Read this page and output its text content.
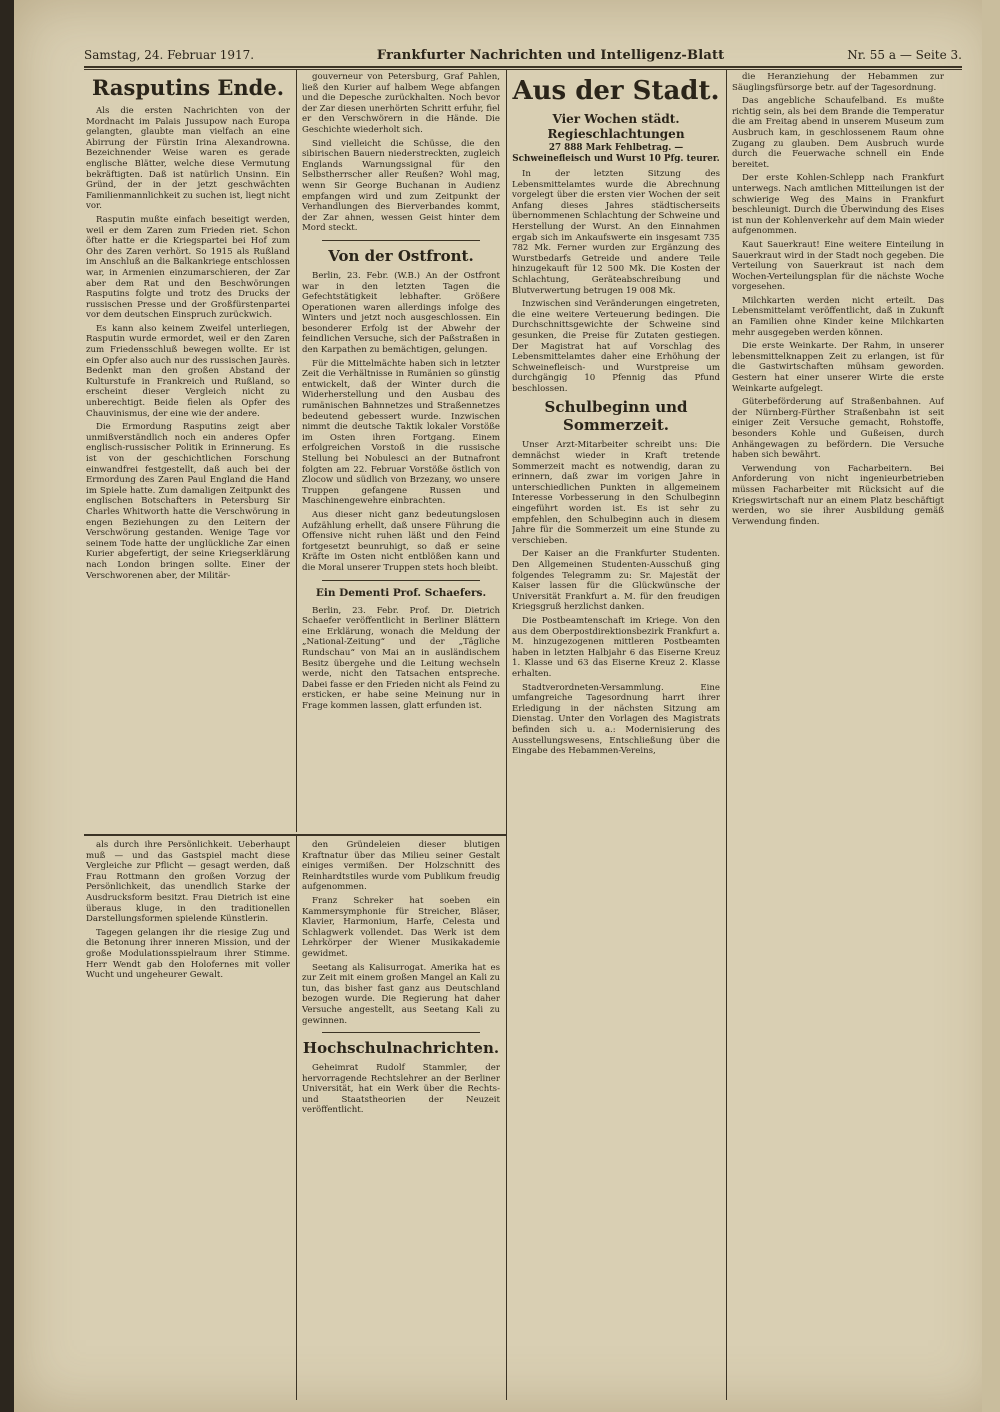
Samstag, 24. Februar 1917.	Frankfurter Nachrichten und Intelligenz-Blatt	Nr. 55 a — Seite 3.
Rasputins Ende.

Als die ersten Nachrichten von der Mordnacht im Palais Jussupow nach Europa gelangten, glaubte man vielfach an eine Abirrung der Fürstin Irina Alexandrowna. Bezeichnender Weise waren es gerade englische Blätter, welche diese Vermutung bekräftigten. Daß ist natürlich Unsinn. Ein Gründ, der in der jetzt geschwächten Familienmannlichkeit zu suchen ist, liegt nicht vor.

Rasputin mußte einfach beseitigt werden, weil er dem Zaren zum Frieden riet. Schon öfter hatte er die Kriegspartei bei Hof zum Ohr des Zaren verhört. So 1915 als Rußland im Anschluß an die Balkankriege entschlossen war, in Armenien einzumarschieren, der Zar aber dem Rat und den Beschwörungen Rasputins folgte und trotz des Drucks der russischen Presse und der Großfürstenpartei vor dem deutschen Einspruch zurückwich.

Es kann also keinem Zweifel unterliegen, Rasputin wurde ermordet, weil er den Zaren zum Friedensschluß bewegen wollte. Er ist ein Opfer also auch nur des russischen Jaurès. Bedenkt man den großen Abstand der Kulturstufe in Frankreich und Rußland, so erscheint dieser Vergleich nicht zu unberechtigt. Beide fielen als Opfer des Chauvinismus, der eine wie der andere.

Die Ermordung Rasputins zeigt aber unmißverständlich noch ein anderes Opfer englisch-russischer Politik in Erinnerung. Es ist von der geschichtlichen Forschung einwandfrei festgestellt, daß auch bei der Ermordung des Zaren Paul England die Hand im Spiele hatte. Zum damaligen Zeitpunkt des englischen Botschafters in Petersburg Sir Charles Whitworth hatte die Verschwörung in engen Beziehungen zu den Leitern der Verschwörung gestanden. Wenige Tage vor seinem Tode hatte der unglückliche Zar einen Kurier abgefertigt, der seine Kriegserklärung nach London bringen sollte. Einer der Verschworenen aber, der Militär-

gouverneur von Petersburg, Graf Pahlen, ließ den Kurier auf halbem Wege abfangen und die Depesche zurückhalten. Noch bevor der Zar diesen unerhörten Schritt erfuhr, fiel er den Verschwörern in die Hände. Die Geschichte wiederholt sich.

Sind vielleicht die Schüsse, die den sibirischen Bauern niederstreckten, zugleich Englands Warnungssignal für den Selbstherrscher aller Reußen? Wohl mag, wenn Sir George Buchanan in Audienz empfangen wird und zum Zeitpunkt der Verhandlungen des Bierverbandes kommt, der Zar ahnen, wessen Geist hinter dem Mord steckt.

Von der Ostfront.

Berlin, 23. Febr. (W.B.) An der Ostfront war in den letzten Tagen die Gefechtstätigkeit lebhafter. Größere Operationen waren allerdings infolge des Winters und jetzt noch ausgeschlossen. Ein besonderer Erfolg ist der Abwehr der feindlichen Versuche, sich der Paßstraßen in den Karpathen zu bemächtigen, gelungen.

Für die Mittelmächte haben sich in letzter Zeit die Verhältnisse in Rumänien so günstig entwickelt, daß der Winter durch die Widerherstellung und den Ausbau des rumänischen Bahnnetzes und Straßennetzes bedeutend gebessert wurde. Inzwischen nimmt die deutsche Taktik lokaler Vorstöße im Osten ihren Fortgang. Einem erfolgreichen Vorstoß in die russische Stellung bei Nobulesci an der Butnafront folgten am 22. Februar Vorstöße östlich von Zlocow und südlich von Brzezany, wo unsere Truppen gefangene Russen und Maschinengewehre einbrachten.

Aus dieser nicht ganz bedeutungslosen Aufzählung erhellt, daß unsere Führung die Offensive nicht ruhen läßt und den Feind fortgesetzt beunruhigt, so daß er seine Kräfte im Osten nicht entblößen kann und die Moral unserer Truppen stets hoch bleibt.

Ein Dementi Prof. Schaefers.

Berlin, 23. Febr. Prof. Dr. Dietrich Schaefer veröffentlicht in Berliner Blättern eine Erklärung, wonach die Meldung der „National-Zeitung“ und der „Tägliche Rundschau“ von Mai an in ausländischem Besitz übergehe und die Leitung wechseln werde, nicht den Tatsachen entspreche. Dabei fasse er den Frieden nicht als Feind zu ersticken, er habe seine Meinung nur in Frage kommen lassen, glatt erfunden ist.

Aus der Stadt.
Vier Wochen städt. Regieschlachtungen
27 888 Mark Fehlbetrag. — Schweinefleisch und Wurst 10 Pfg. teurer.

In der letzten Sitzung des Lebensmittelamtes wurde die Abrechnung vorgelegt über die ersten vier Wochen der seit Anfang dieses Jahres städtischerseits übernommenen Schlachtung der Schweine und Herstellung der Wurst. An den Einnahmen ergab sich im Ankaufswerte ein insgesamt 735 782 Mk. Ferner wurden zur Ergänzung des Wurstbedarfs Getreide und andere Teile hinzugekauft für 12 500 Mk. Die Kosten der Schlachtung, Geräteabschreibung und Blutverwertung betrugen 19 008 Mk.

Inzwischen sind Veränderungen eingetreten, die eine weitere Verteuerung bedingen. Die Durchschnittsgewichte der Schweine sind gesunken, die Preise für Zutaten gestiegen. Der Magistrat hat auf Vorschlag des Lebensmittelamtes daher eine Erhöhung der Schweinefleisch- und Wurstpreise um durchgängig 10 Pfennig das Pfund beschlossen.

Schulbeginn und Sommerzeit.

Unser Arzt-Mitarbeiter schreibt uns: Die demnächst wieder in Kraft tretende Sommerzeit macht es notwendig, daran zu erinnern, daß zwar im vorigen Jahre in unterschiedlichen Punkten in allgemeinem Interesse Vorbesserung in den Schulbeginn eingeführt worden ist. Es ist sehr zu empfehlen, den Schulbeginn auch in diesem Jahre für die Sommerzeit um eine Stunde zu verschieben.

Der Kaiser an die Frankfurter Studenten. Den Allgemeinen Studenten-Ausschuß ging folgendes Telegramm zu: Sr. Majestät der Kaiser lassen für die Glückwünsche der Universität Frankfurt a. M. für den freudigen Kriegsgruß herzlichst danken.

Die Postbeamtenschaft im Kriege. Von den aus dem Oberpostdirektionsbezirk Frankfurt a. M. hinzugezogenen mittleren Postbeamten haben in letzten Halbjahr 6 das Eiserne Kreuz 1. Klasse und 63 das Eiserne Kreuz 2. Klasse erhalten.

Stadtverordneten-Versammlung. Eine umfangreiche Tagesordnung harrt ihrer Erledigung in der nächsten Sitzung am Dienstag. Unter den Vorlagen des Magistrats befinden sich u. a.: Modernisierung des Ausstellungswesens, Entschließung über die Eingabe des Hebammen-Vereins,

die Heranziehung der Hebammen zur Säuglingsfürsorge betr. auf der Tagesordnung.

Das angebliche Schaufelband. Es mußte richtig sein, als bei dem Brande die Temperatur die am Freitag abend in unserem Museum zum Ausbruch kam, in geschlossenem Raum ohne Zugang zu glauben. Dem Ausbruch wurde durch die Feuerwache schnell ein Ende bereitet.

Der erste Kohlen-Schlepp nach Frankfurt unterwegs. Nach amtlichen Mitteilungen ist der schwierige Weg des Mains in Frankfurt beschleunigt. Durch die Überwindung des Eises ist nun der Kohlenverkehr auf dem Main wieder aufgenommen.

Kaut Sauerkraut! Eine weitere Einteilung in Sauerkraut wird in der Stadt noch gegeben. Die Verteilung von Sauerkraut ist nach dem Wochen-Verteilungsplan für die nächste Woche vorgesehen.

Milchkarten werden nicht erteilt. Das Lebensmittelamt veröffentlicht, daß in Zukunft an Familien ohne Kinder keine Milchkarten mehr ausgegeben werden können.

Die erste Weinkarte. Der Rahm, in unserer lebensmittelknappen Zeit zu erlangen, ist für die Gastwirtschaften mühsam geworden. Gestern hat einer unserer Wirte die erste Weinkarte aufgelegt.

Güterbeförderung auf Straßenbahnen. Auf der Nürnberg-Fürther Straßenbahn ist seit einiger Zeit Versuche gemacht, Rohstoffe, besonders Kohle und Gußeisen, durch Anhängewagen zu befördern. Die Versuche haben sich bewährt.

Verwendung von Facharbeitern. Bei Anforderung von nicht ingenieurbetrieben müssen Facharbeiter mit Rücksicht auf die Kriegswirtschaft nur an einem Platz beschäftigt werden, wo sie ihrer Ausbildung gemäß Verwendung finden.

als durch ihre Persönlichkeit. Ueberhaupt muß — und das Gastspiel macht diese Vergleiche zur Pflicht — gesagt werden, daß Frau Rottmann den großen Vorzug der Persönlichkeit, das unendlich Starke der Ausdrucksform besitzt. Frau Dietrich ist eine überaus kluge, in den traditionellen Darstellungsformen spielende Künstlerin.

Tagegen gelangen ihr die riesige Zug und die Betonung ihrer inneren Mission, und der große Modulationsspielraum ihrer Stimme. Herr Wendt gab den Holofernes mit voller Wucht und ungeheurer Gewalt.

den Gründeleien dieser blutigen Kraftnatur über das Milieu seiner Gestalt einiges vermißen. Der Holzschnitt des Reinhardtstiles wurde vom Publikum freudig aufgenommen.

Franz Schreker hat soeben ein Kammersymphonie für Streicher, Bläser, Klavier, Harmonium, Harfe, Celesta und Schlagwerk vollendet. Das Werk ist dem Lehrkörper der Wiener Musikakademie gewidmet.

Seetang als Kalisurrogat. Amerika hat es zur Zeit mit einem großen Mangel an Kali zu tun, das bisher fast ganz aus Deutschland bezogen wurde. Die Regierung hat daher Versuche angestellt, aus Seetang Kali zu gewinnen.

Hochschulnachrichten.

Geheimrat Rudolf Stammler, der hervorragende Rechtslehrer an der Berliner Universität, hat ein Werk über die Rechts- und Staatstheorien der Neuzeit veröffentlicht.
